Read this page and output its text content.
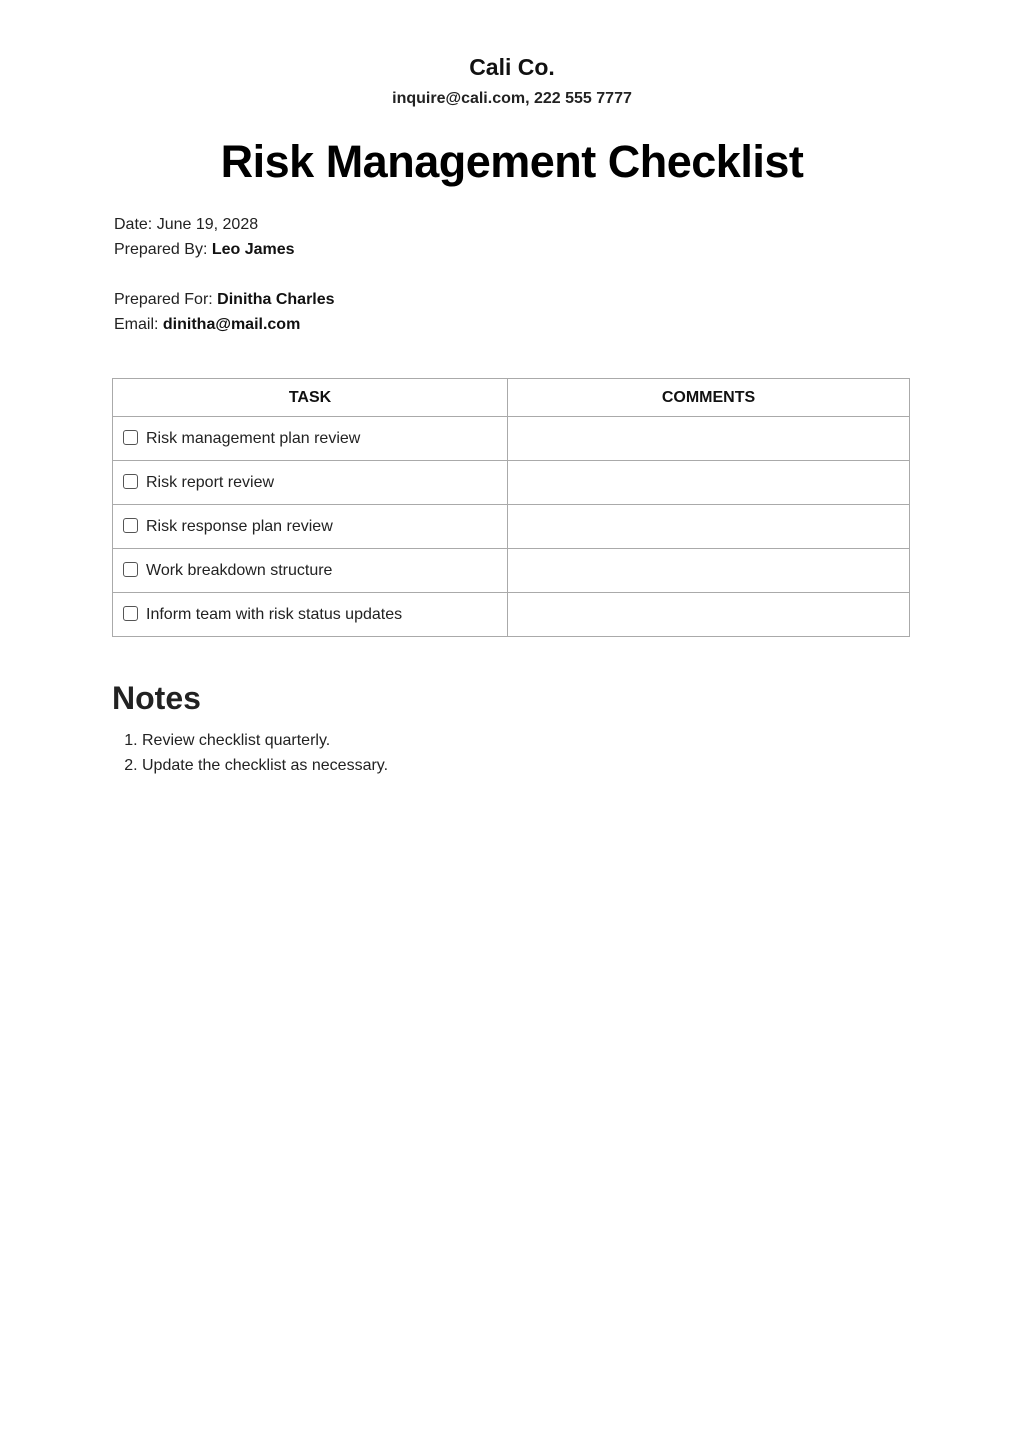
Cali Co.
inquire@cali.com, 222 555 7777
Risk Management Checklist
Date: June 19, 2028
Prepared By: Leo James
Prepared For: Dinitha Charles
Email: dinitha@mail.com
TASK	COMMENTS
Risk management plan review	
Risk report review	
Risk response plan review	
Work breakdown structure	
Inform team with risk status updates	
Notes
1. Review checklist quarterly.
2. Update the checklist as necessary.
